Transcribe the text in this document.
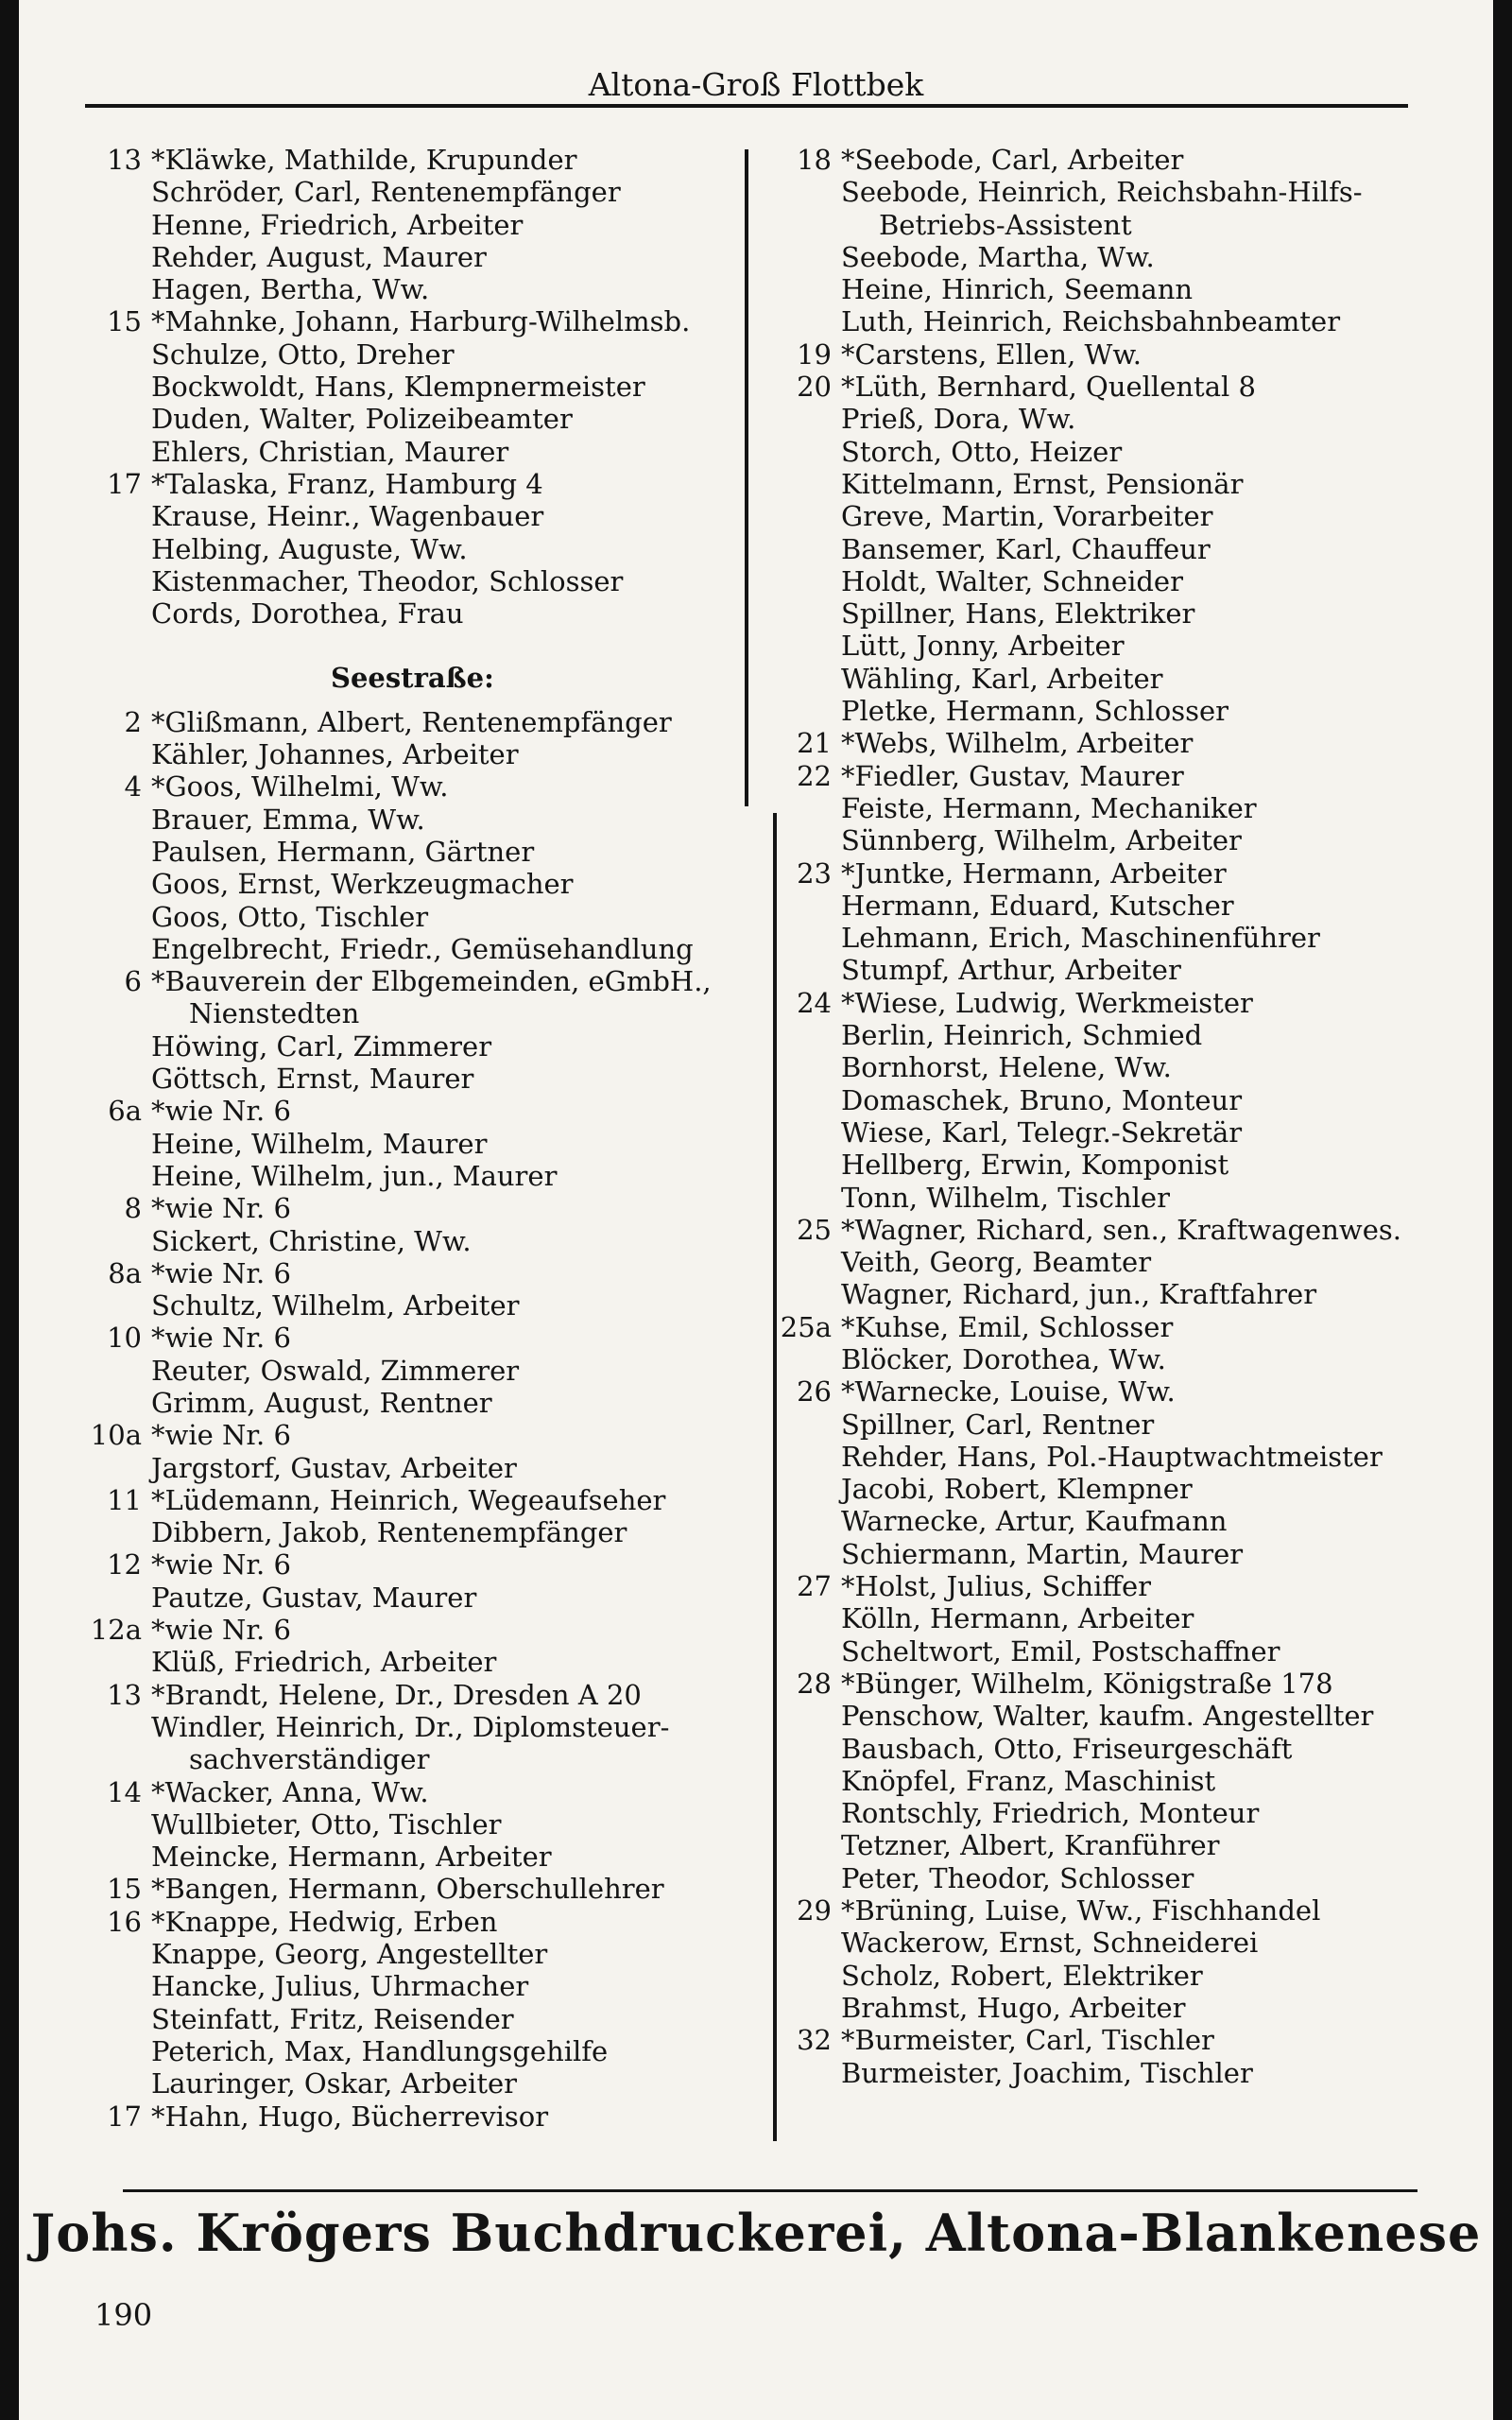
Altona-Groß Flottbek
13 *Kläwke, Mathilde, Krupunder
Schröder, Carl, Rentenempfänger
Henne, Friedrich, Arbeiter
Rehder, August, Maurer
Hagen, Bertha, Ww.
15 *Mahnke, Johann, Harburg-Wilhelmsb.
Schulze, Otto, Dreher
Bockwoldt, Hans, Klempnermeister
Duden, Walter, Polizeibeamter
Ehlers, Christian, Maurer
17 *Talaska, Franz, Hamburg 4
Krause, Heinr., Wagenbauer
Helbing, Auguste, Ww.
Kistenmacher, Theodor, Schlosser
Cords, Dorothea, Frau
Seestraße:
2 *Glißmann, Albert, Rentenempfänger
Kähler, Johannes, Arbeiter
4 *Goos, Wilhelmi, Ww.
Brauer, Emma, Ww.
Paulsen, Hermann, Gärtner
Goos, Ernst, Werkzeugmacher
Goos, Otto, Tischler
Engelbrecht, Friedr., Gemüsehandlung
6 *Bauverein der Elbgemeinden, eGmbH.,
Nienstedten
Höwing, Carl, Zimmerer
Göttsch, Ernst, Maurer
6a *wie Nr. 6
Heine, Wilhelm, Maurer
Heine, Wilhelm, jun., Maurer
8 *wie Nr. 6
Sickert, Christine, Ww.
8a *wie Nr. 6
Schultz, Wilhelm, Arbeiter
10 *wie Nr. 6
Reuter, Oswald, Zimmerer
Grimm, August, Rentner
10a *wie Nr. 6
Jargstorf, Gustav, Arbeiter
11 *Lüdemann, Heinrich, Wegeaufseher
Dibbern, Jakob, Rentenempfänger
12 *wie Nr. 6
Pautze, Gustav, Maurer
12a *wie Nr. 6
Klüß, Friedrich, Arbeiter
13 *Brandt, Helene, Dr., Dresden A 20
Windler, Heinrich, Dr., Diplomsteuer-
sachverständiger
14 *Wacker, Anna, Ww.
Wullbieter, Otto, Tischler
Meincke, Hermann, Arbeiter
15 *Bangen, Hermann, Oberschullehrer
16 *Knappe, Hedwig, Erben
Knappe, Georg, Angestellter
Hancke, Julius, Uhrmacher
Steinfatt, Fritz, Reisender
Peterich, Max, Handlungsgehilfe
Lauringer, Oskar, Arbeiter
17 *Hahn, Hugo, Bücherrevisor
18 *Seebode, Carl, Arbeiter
Seebode, Heinrich, Reichsbahn-Hilfs-
Betriebs-Assistent
Seebode, Martha, Ww.
Heine, Hinrich, Seemann
Luth, Heinrich, Reichsbahnbeamter
19 *Carstens, Ellen, Ww.
20 *Lüth, Bernhard, Quellental 8
Prieß, Dora, Ww.
Storch, Otto, Heizer
Kittelmann, Ernst, Pensionär
Greve, Martin, Vorarbeiter
Bansemer, Karl, Chauffeur
Holdt, Walter, Schneider
Spillner, Hans, Elektriker
Lütt, Jonny, Arbeiter
Wähling, Karl, Arbeiter
Pletke, Hermann, Schlosser
21 *Webs, Wilhelm, Arbeiter
22 *Fiedler, Gustav, Maurer
Feiste, Hermann, Mechaniker
Sünnberg, Wilhelm, Arbeiter
23 *Juntke, Hermann, Arbeiter
Hermann, Eduard, Kutscher
Lehmann, Erich, Maschinenführer
Stumpf, Arthur, Arbeiter
24 *Wiese, Ludwig, Werkmeister
Berlin, Heinrich, Schmied
Bornhorst, Helene, Ww.
Domaschek, Bruno, Monteur
Wiese, Karl, Telegr.-Sekretär
Hellberg, Erwin, Komponist
Tonn, Wilhelm, Tischler
25 *Wagner, Richard, sen., Kraftwagenwes.
Veith, Georg, Beamter
Wagner, Richard, jun., Kraftfahrer
25a *Kuhse, Emil, Schlosser
Blöcker, Dorothea, Ww.
26 *Warnecke, Louise, Ww.
Spillner, Carl, Rentner
Rehder, Hans, Pol.-Hauptwachtmeister
Jacobi, Robert, Klempner
Warnecke, Artur, Kaufmann
Schiermann, Martin, Maurer
27 *Holst, Julius, Schiffer
Kölln, Hermann, Arbeiter
Scheltwort, Emil, Postschaffner
28 *Bünger, Wilhelm, Königstraße 178
Penschow, Walter, kaufm. Angestellter
Bausbach, Otto, Friseurgeschäft
Knöpfel, Franz, Maschinist
Rontschly, Friedrich, Monteur
Tetzner, Albert, Kranführer
Peter, Theodor, Schlosser
29 *Brüning, Luise, Ww., Fischhandel
Wackerow, Ernst, Schneiderei
Scholz, Robert, Elektriker
Brahmst, Hugo, Arbeiter
32 *Burmeister, Carl, Tischler
Burmeister, Joachim, Tischler
Johs. Krögers Buchdruckerei, Altona-Blankenese
190
